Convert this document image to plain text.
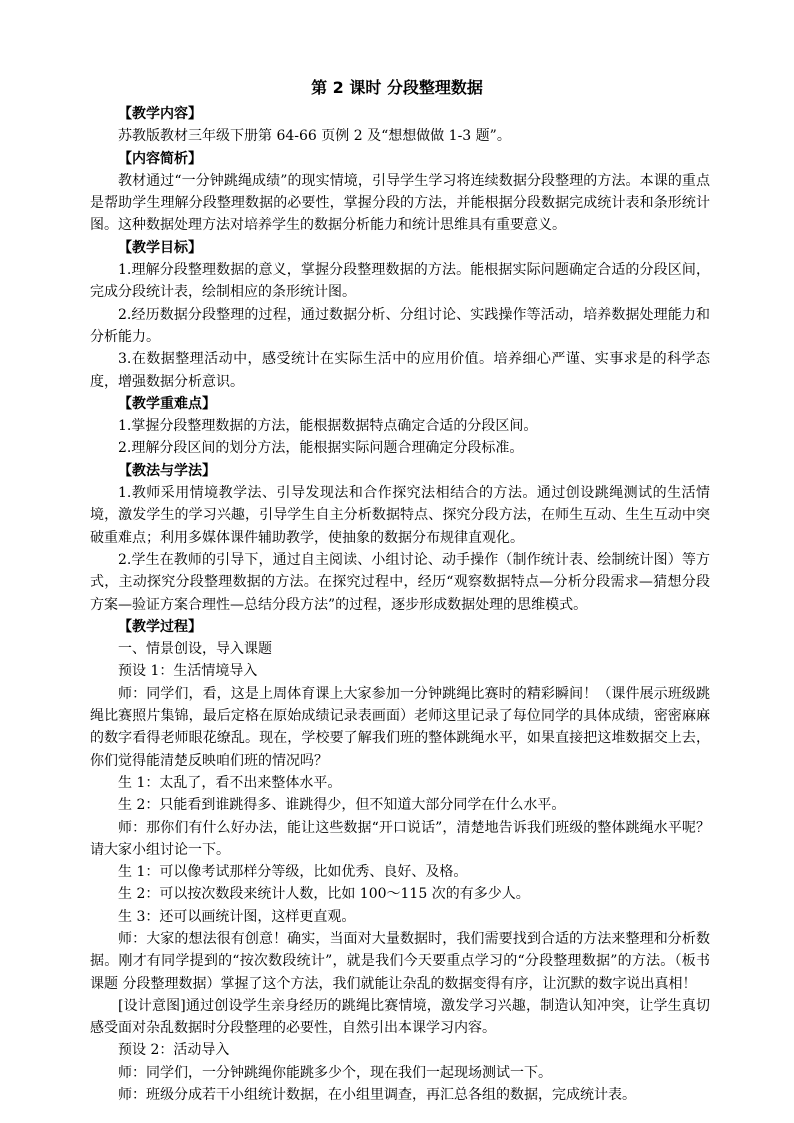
第 2 课时 分段整理数据

【教学内容】

苏教版教材三年级下册第 64-66 页例 2 及“想想做做 1-3 题”。

【内容简析】

教材通过“一分钟跳绳成绩”的现实情境，引导学生学习将连续数据分段整理的方法。本课的重点是帮助学生理解分段整理数据的必要性，掌握分段的方法，并能根据分段数据完成统计表和条形统计图。这种数据处理方法对培养学生的数据分析能力和统计思维具有重要意义。

【教学目标】

1.理解分段整理数据的意义，掌握分段整理数据的方法。能根据实际问题确定合适的分段区间，完成分段统计表，绘制相应的条形统计图。

2.经历数据分段整理的过程，通过数据分析、分组讨论、实践操作等活动，培养数据处理能力和分析能力。

3.在数据整理活动中，感受统计在实际生活中的应用价值。培养细心严谨、实事求是的科学态度，增强数据分析意识。

【教学重难点】

1.掌握分段整理数据的方法，能根据数据特点确定合适的分段区间。

2.理解分段区间的划分方法，能根据实际问题合理确定分段标准。

【教法与学法】

1.教师采用情境教学法、引导发现法和合作探究法相结合的方法。通过创设跳绳测试的生活情境，激发学生的学习兴趣，引导学生自主分析数据特点、探究分段方法，在师生互动、生生互动中突破重难点；利用多媒体课件辅助教学，使抽象的数据分布规律直观化。

2.学生在教师的引导下，通过自主阅读、小组讨论、动手操作（制作统计表、绘制统计图）等方式，主动探究分段整理数据的方法。在探究过程中，经历“观察数据特点—分析分段需求—猜想分段方案—验证方案合理性—总结分段方法”的过程，逐步形成数据处理的思维模式。

【教学过程】

一、情景创设，导入课题

预设 1：生活情境导入

师：同学们，看，这是上周体育课上大家参加一分钟跳绳比赛时的精彩瞬间！（课件展示班级跳绳比赛照片集锦，最后定格在原始成绩记录表画面）老师这里记录了每位同学的具体成绩，密密麻麻的数字看得老师眼花缭乱。现在，学校要了解我们班的整体跳绳水平，如果直接把这堆数据交上去，你们觉得能清楚反映咱们班的情况吗？

生 1：太乱了，看不出来整体水平。

生 2：只能看到谁跳得多、谁跳得少，但不知道大部分同学在什么水平。

师：那你们有什么好办法，能让这些数据“开口说话”，清楚地告诉我们班级的整体跳绳水平呢？请大家小组讨论一下。

生 1：可以像考试那样分等级，比如优秀、良好、及格。

生 2：可以按次数段来统计人数，比如 100～115 次的有多少人。

生 3：还可以画统计图，这样更直观。

师：大家的想法很有创意！确实，当面对大量数据时，我们需要找到合适的方法来整理和分析数据。刚才有同学提到的“按次数段统计”，就是我们今天要重点学习的“分段整理数据”的方法。（板书课题 分段整理数据）掌握了这个方法，我们就能让杂乱的数据变得有序，让沉默的数字说出真相！

[设计意图]通过创设学生亲身经历的跳绳比赛情境，激发学习兴趣，制造认知冲突，让学生真切感受面对杂乱数据时分段整理的必要性，自然引出本课学习内容。

预设 2：活动导入

师：同学们，一分钟跳绳你能跳多少个，现在我们一起现场测试一下。

师：班级分成若干小组统计数据，在小组里调查，再汇总各组的数据，完成统计表。
